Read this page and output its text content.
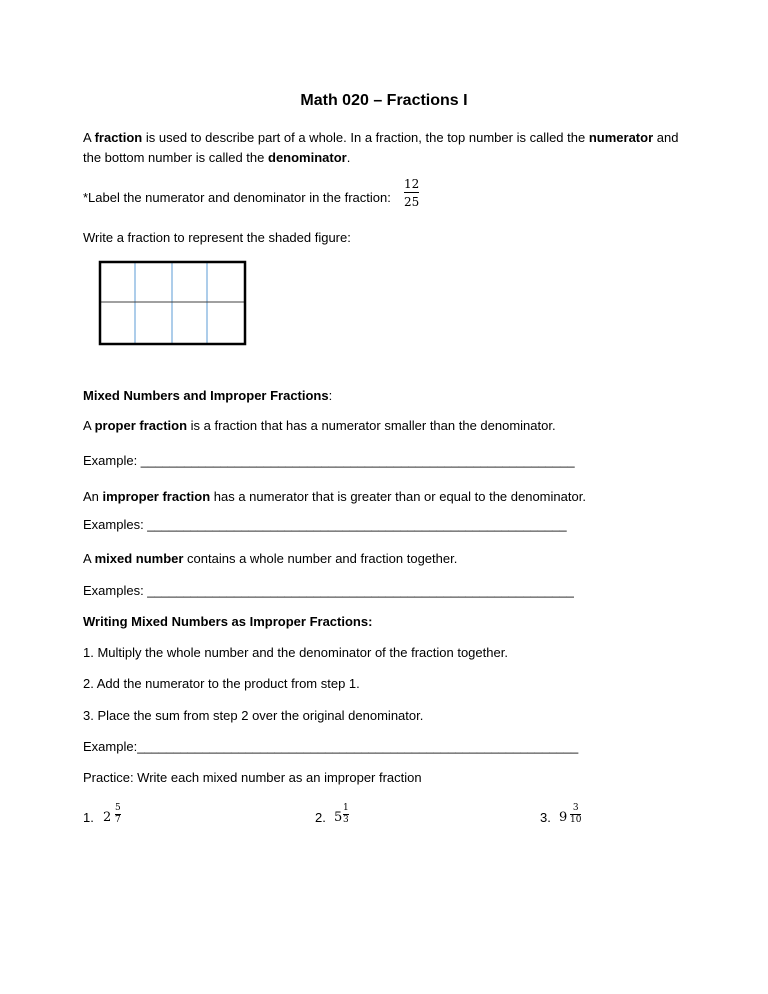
Math 020 – Fractions I
A fraction is used to describe part of a whole. In a fraction, the top number is called the numerator and
the bottom number is called the denominator.
*Label the numerator and denominator in the fraction:
12
25
Write a fraction to represent the shaded figure:
Mixed Numbers and Improper Fractions:
A proper fraction is a fraction that has a numerator smaller than the denominator.
Example: ____________________________________________________________
An improper fraction has a numerator that is greater than or equal to the denominator.
Examples: __________________________________________________________
A mixed number contains a whole number and fraction together.
Examples: ___________________________________________________________
Writing Mixed Numbers as Improper Fractions:
1. Multiply the whole number and the denominator of the fraction together.
2. Add the numerator to the product from step 1.
3. Place the sum from step 2 over the original denominator.
Example:_____________________________________________________________
Practice: Write each mixed number as an improper fraction
1. 2
5
7	2. 5
1
3	3. 9
3
10
